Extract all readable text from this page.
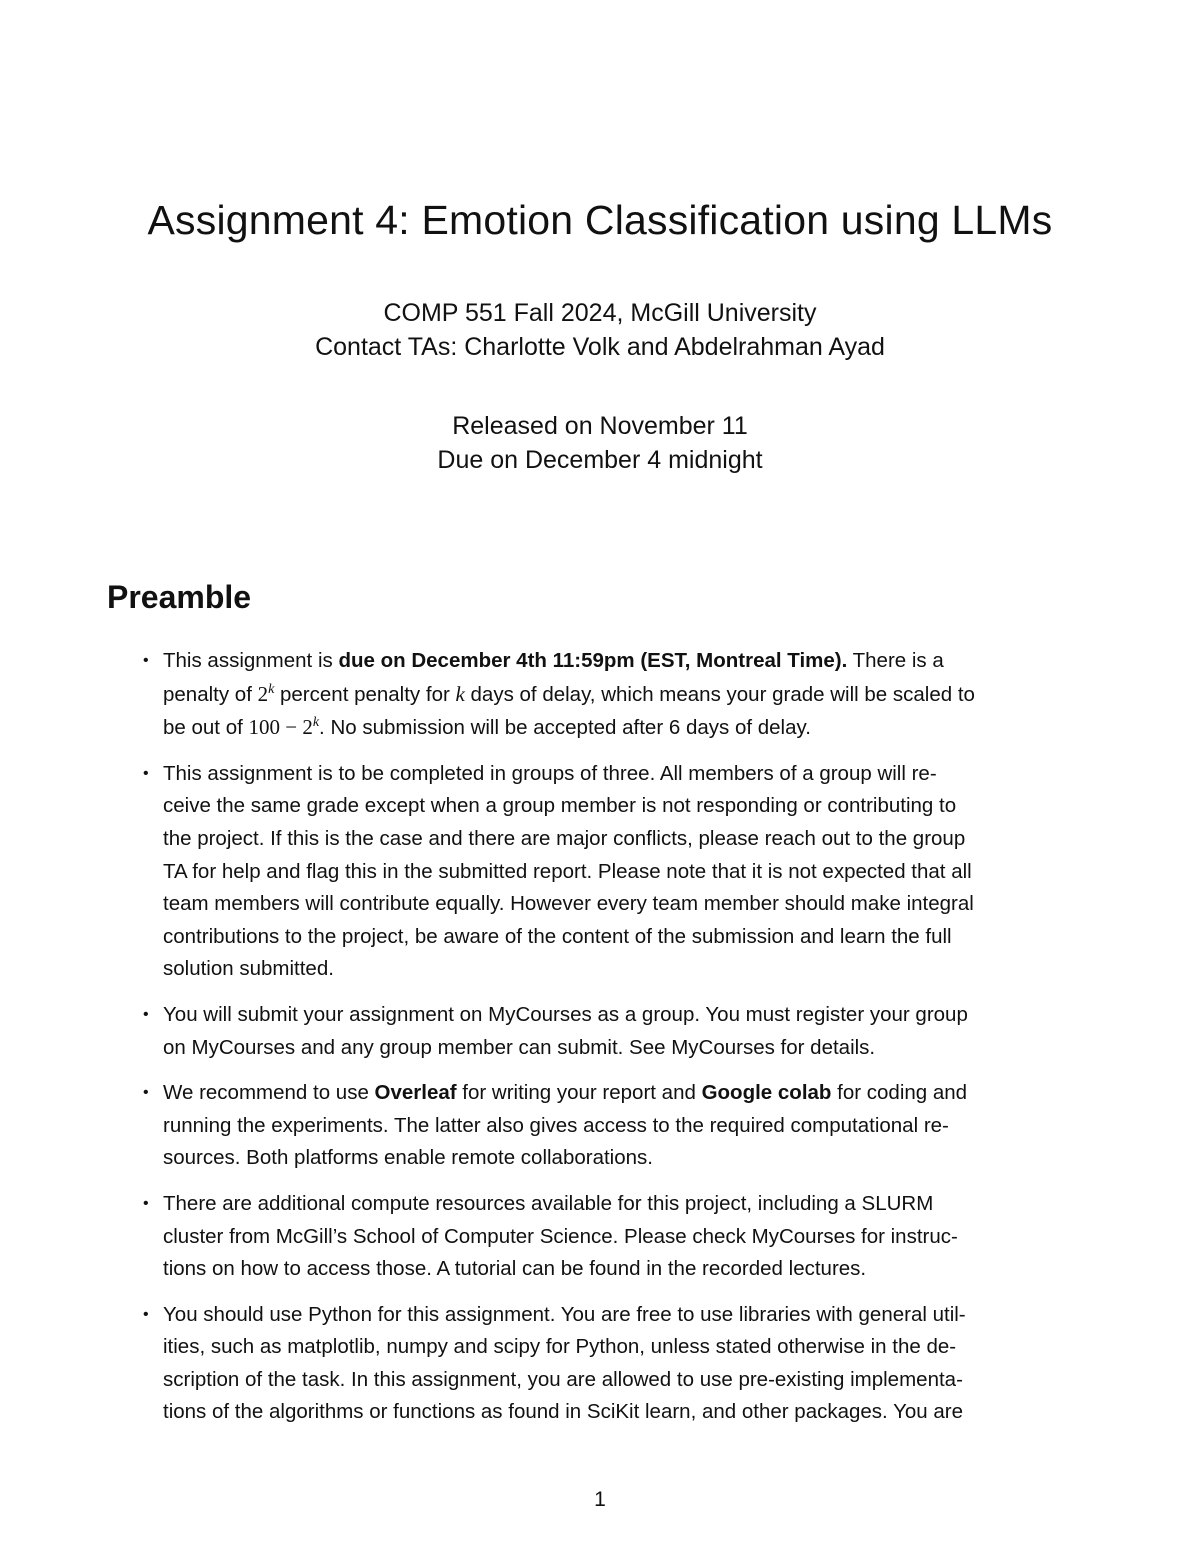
Assignment 4: Emotion Classification using LLMs
COMP 551 Fall 2024, McGill University
Contact TAs: Charlotte Volk and Abdelrahman Ayad
Released on November 11
Due on December 4 midnight
Preamble
• This assignment is due on December 4th 11:59pm (EST, Montreal Time). There is a
penalty of 2$^k$ percent penalty for k days of delay, which means your grade will be scaled to
be out of $100 - 2^k$. No submission will be accepted after 6 days of delay.
• This assignment is to be completed in groups of three. All members of a group will re-
ceive the same grade except when a group member is not responding or contributing to
the project. If this is the case and there are major conflicts, please reach out to the group
TA for help and flag this in the submitted report. Please note that it is not expected that all
team members will contribute equally. However every team member should make integral
contributions to the project, be aware of the content of the submission and learn the full
solution submitted.
• You will submit your assignment on MyCourses as a group. You must register your group
on MyCourses and any group member can submit. See MyCourses for details.
• We recommend to use Overleaf for writing your report and Google colab for coding and
running the experiments. The latter also gives access to the required computational re-
sources. Both platforms enable remote collaborations.
• There are additional compute resources available for this project, including a SLURM
cluster from McGill’s School of Computer Science. Please check MyCourses for instruc-
tions on how to access those. A tutorial can be found in the recorded lectures.
• You should use Python for this assignment. You are free to use libraries with general util-
ities, such as matplotlib, numpy and scipy for Python, unless stated otherwise in the de-
scription of the task. In this assignment, you are allowed to use pre-existing implementa-
tions of the algorithms or functions as found in SciKit learn, and other packages. You are
1
